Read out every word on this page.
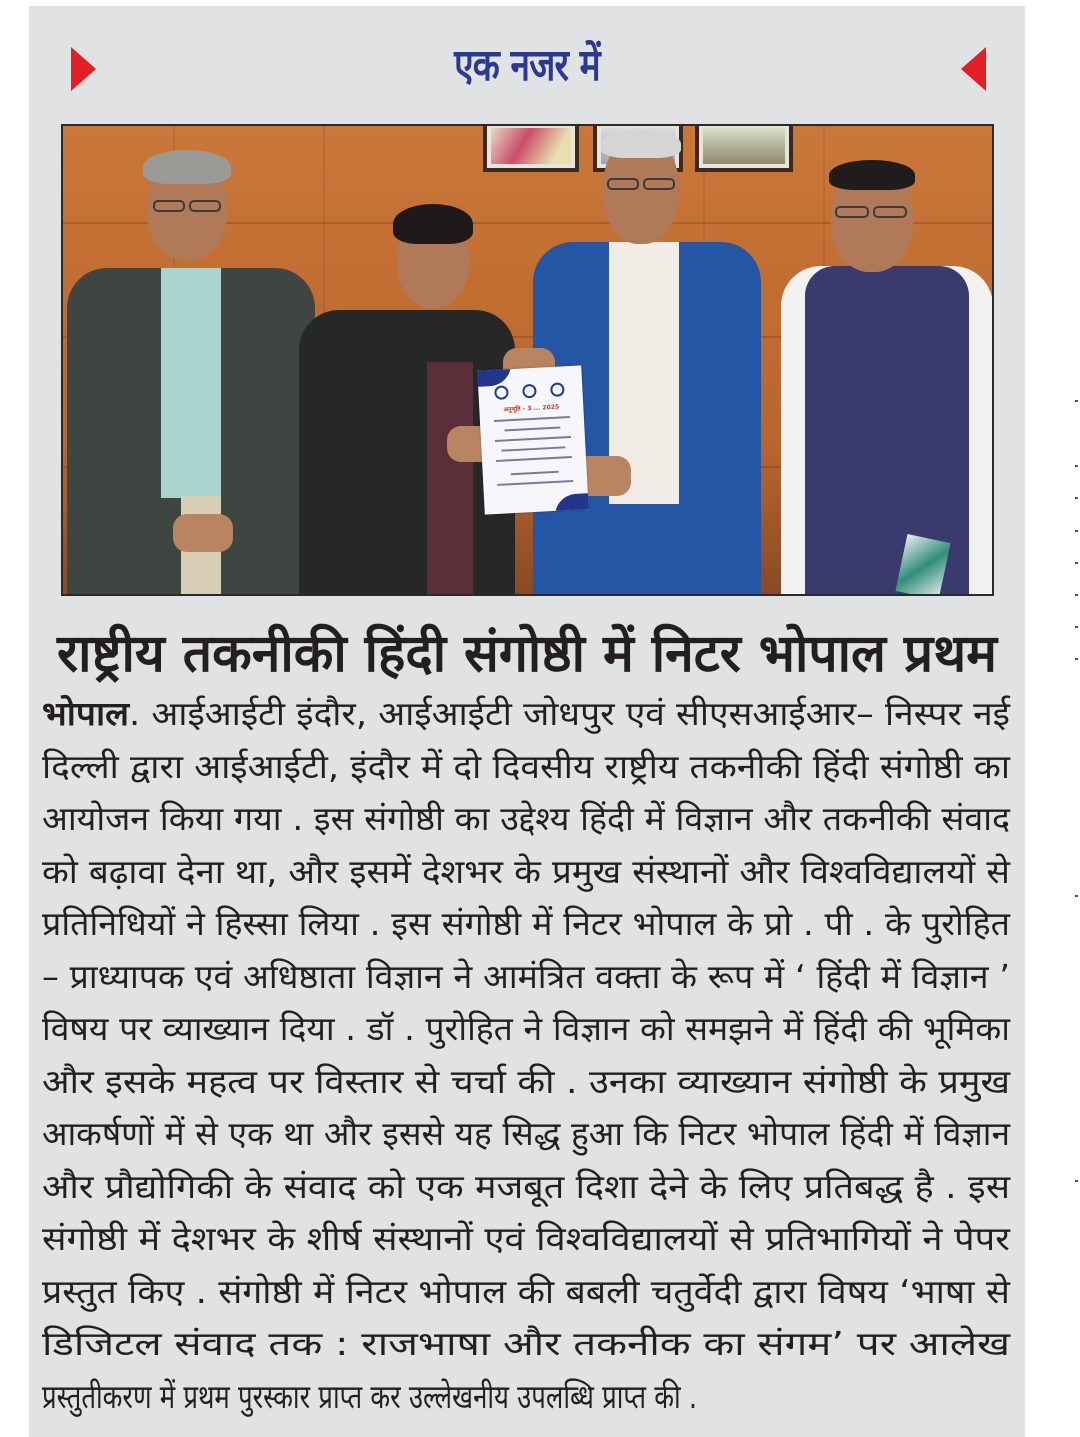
एक नजर में
अनुभूति - 3 ... 2025
राष्ट्रीय तकनीकी हिंदी संगोष्ठी में निटर भोपाल प्रथम
भोपाल. आईआईटी इंदौर, आईआईटी जोधपुर एवं सीएसआईआर– निस्पर नई
दिल्ली द्वारा आईआईटी, इंदौर में दो दिवसीय राष्ट्रीय तकनीकी हिंदी संगोष्ठी का
आयोजन किया गया . इस संगोष्ठी का उद्देश्य हिंदी में विज्ञान और तकनीकी संवाद
को बढ़ावा देना था, और इसमें देशभर के प्रमुख संस्थानों और विश्वविद्यालयों से
प्रतिनिधियों ने हिस्सा लिया . इस संगोष्ठी में निटर भोपाल के प्रो . पी . के पुरोहित
– प्राध्यापक एवं अधिष्ठाता विज्ञान ने आमंत्रित वक्ता के रूप में ‘ हिंदी में विज्ञान ’
विषय पर व्याख्यान दिया . डॉ . पुरोहित ने विज्ञान को समझने में हिंदी की भूमिका
और इसके महत्व पर विस्तार से चर्चा की . उनका व्याख्यान संगोष्ठी के प्रमुख
आकर्षणों में से एक था और इससे यह सिद्ध हुआ कि निटर भोपाल हिंदी में विज्ञान
और प्रौद्योगिकी के संवाद को एक मजबूत दिशा देने के लिए प्रतिबद्ध है . इस
संगोष्ठी में देशभर के शीर्ष संस्थानों एवं विश्वविद्यालयों से प्रतिभागियों ने पेपर
प्रस्तुत किए . संगोष्ठी में निटर भोपाल की बबली चतुर्वेदी द्वारा विषय ‘भाषा से
डिजिटल संवाद तक : राजभाषा और तकनीक का संगम’ पर आलेख
प्रस्तुतीकरण में प्रथम पुरस्कार प्राप्त कर उल्लेखनीय उपलब्धि प्राप्त की .
